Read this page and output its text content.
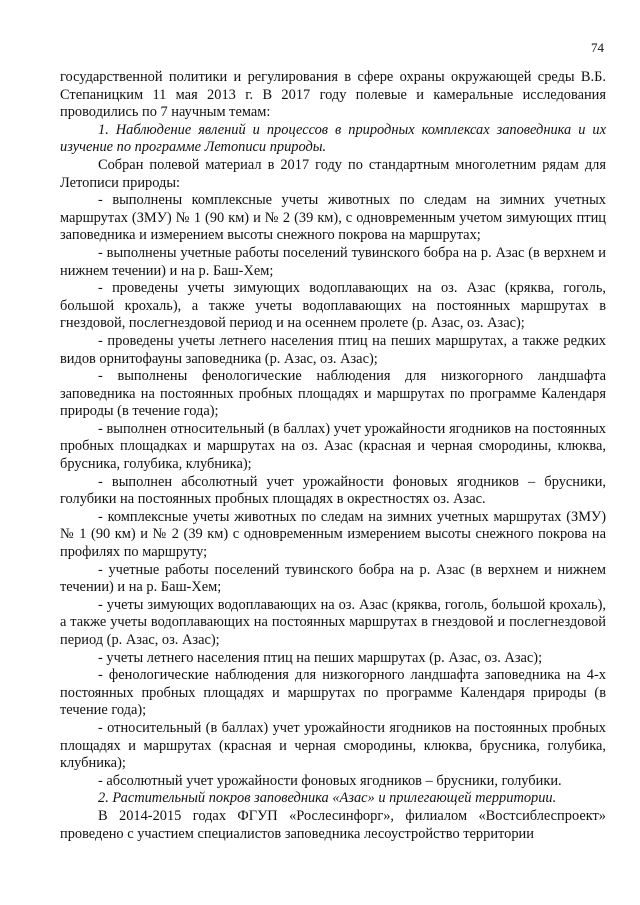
74

государственной политики и регулирования в сфере охраны окружающей среды В.Б. Степаницким 11 мая 2013 г. В 2017 году полевые и камеральные исследования проводились по 7 научным темам:

1. Наблюдение явлений и процессов в природных комплексах заповедника и их изучение по программе Летописи природы.

Собран полевой материал в 2017 году по стандартным многолетним рядам для Летописи природы:

- выполнены комплексные учеты животных по следам на зимних учетных маршрутах (ЗМУ) № 1 (90 км) и № 2 (39 км), с одновременным учетом зимующих птиц заповедника и измерением высоты снежного покрова на маршрутах;

- выполнены учетные работы поселений тувинского бобра на р. Азас (в верхнем и нижнем течении) и на р. Баш-Хем;

- проведены учеты зимующих водоплавающих на оз. Азас (кряква, гоголь, большой крохаль), а также учеты водоплавающих на постоянных маршрутах в гнездовой, послегнездовой период и на осеннем пролете (р. Азас, оз. Азас);

- проведены учеты летнего населения птиц на пеших маршрутах, а также редких видов орнитофауны заповедника (р. Азас, оз. Азас);

- выполнены фенологические наблюдения для низкогорного ландшафта заповедника на постоянных пробных площадях и маршрутах по программе Календаря природы (в течение года);

- выполнен относительный (в баллах) учет урожайности ягодников на постоянных пробных площадках и маршрутах на оз. Азас (красная и черная смородины, клюква, брусника, голубика, клубника);

- выполнен абсолютный учет урожайности фоновых ягодников – брусники, голубики на постоянных пробных площадях в окрестностях оз. Азас.

- комплексные учеты животных по следам на зимних учетных маршрутах (ЗМУ) № 1 (90 км) и № 2 (39 км) с одновременным измерением высоты снежного покрова на профилях по маршруту;

- учетные работы поселений тувинского бобра на р. Азас (в верхнем и нижнем течении) и на р. Баш-Хем;

- учеты зимующих водоплавающих на оз. Азас (кряква, гоголь, большой крохаль), а также учеты водоплавающих на постоянных маршрутах в гнездовой и послегнездовой период (р. Азас, оз. Азас);

- учеты летнего населения птиц на пеших маршрутах (р. Азас, оз. Азас);

- фенологические наблюдения для низкогорного ландшафта заповедника на 4-х постоянных пробных площадях и маршрутах по программе Календаря природы (в течение года);

- относительный (в баллах) учет урожайности ягодников на постоянных пробных площадях и маршрутах (красная и черная смородины, клюква, брусника, голубика, клубника);

- абсолютный учет урожайности фоновых ягодников – брусники, голубики.

2. Растительный покров заповедника «Азас» и прилегающей территории.

В 2014-2015 годах ФГУП «Рослесинфорг», филиалом «Востсиблеспроект» проведено с участием специалистов заповедника лесоустройство территории
